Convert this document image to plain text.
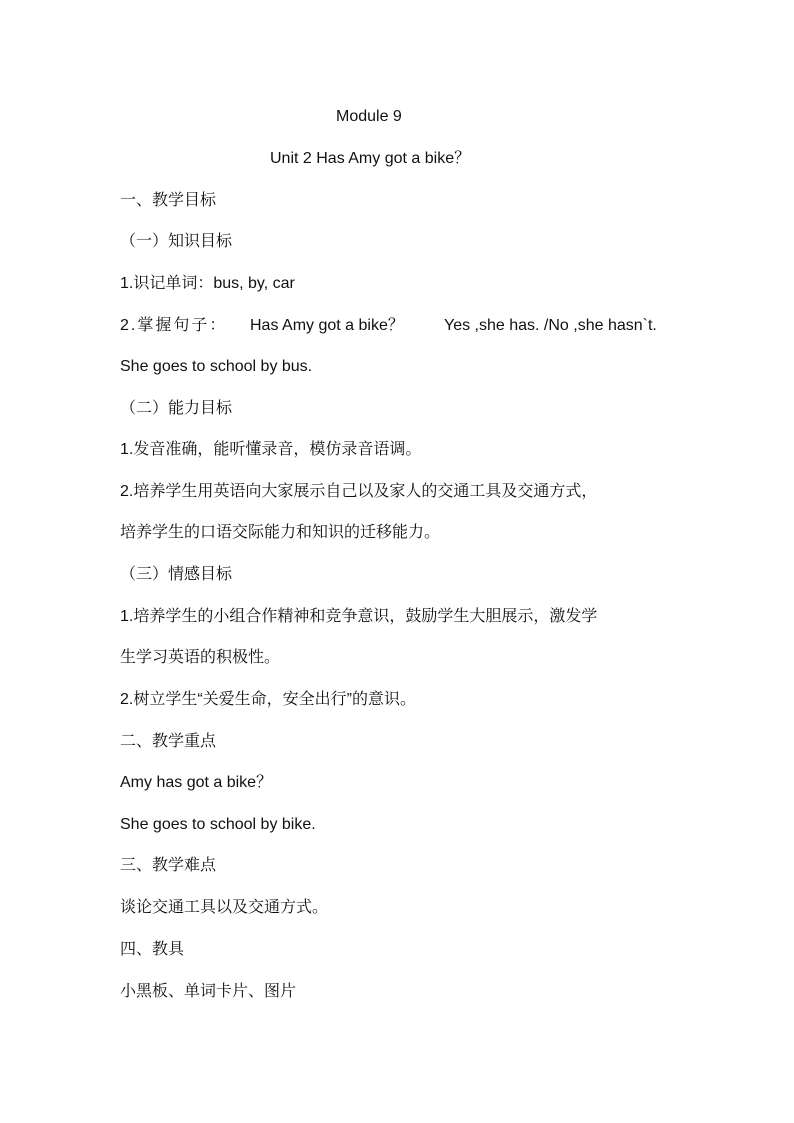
Module 9
Unit 2 Has Amy got a bike？
一、教学目标
（一）知识目标
1.识记单词：bus, by, car
2.掌握句子： Has Amy got a bike？	Yes ,she has. /No ,she hasn`t.
She goes to school by bus.
（二）能力目标
1.发音准确，能听懂录音，模仿录音语调。
2.培养学生用英语向大家展示自己以及家人的交通工具及交通方式，
培养学生的口语交际能力和知识的迁移能力。
（三）情感目标
1.培养学生的小组合作精神和竞争意识，鼓励学生大胆展示，激发学
生学习英语的积极性。
2.树立学生“关爱生命，安全出行”的意识。
二、教学重点
Amy has got a bike？
She goes to school by bike.
三、教学难点
谈论交通工具以及交通方式。
四、教具
小黑板、单词卡片、图片
